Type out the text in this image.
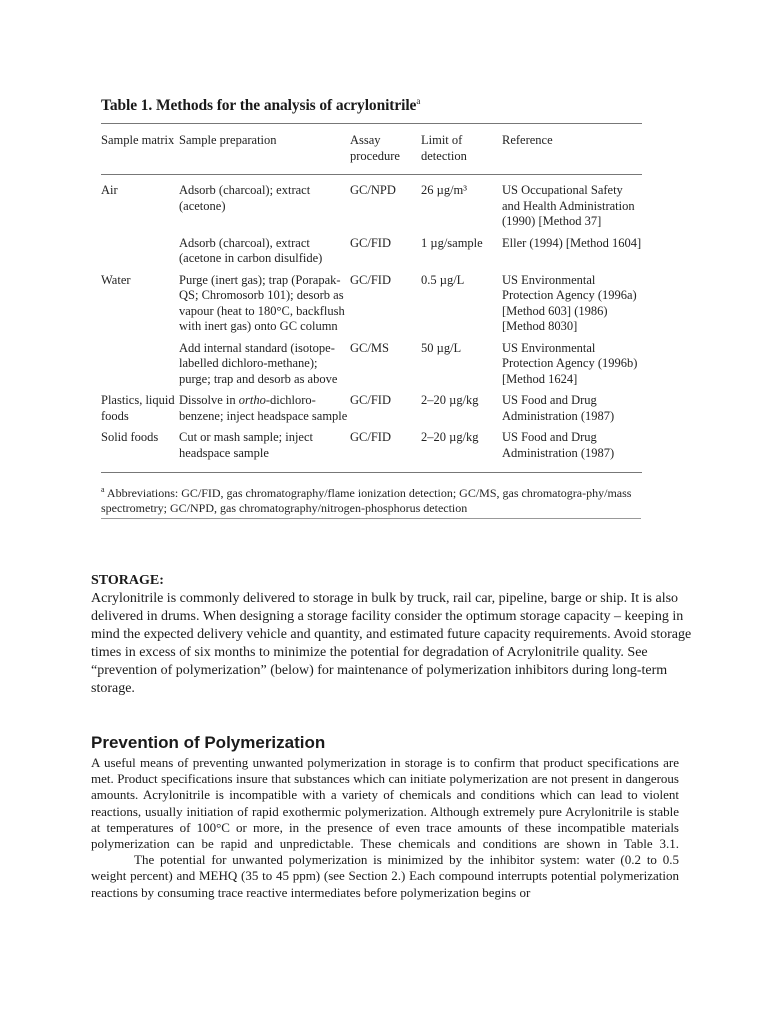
Table 1. Methods for the analysis of acrylonitrile$^a$
Sample matrix	Sample preparation	Assay procedure	Limit of detection	Reference
Air	Adsorb (charcoal); extract (acetone)	GC/NPD	26 µg/m³	US Occupational Safety and Health Administration (1990) [Method 37]
	Adsorb (charcoal), extract (acetone in carbon disulfide)	GC/FID	1 µg/sample	Eller (1994) [Method 1604]
Water	Purge (inert gas); trap (Porapak-QS; Chromosorb 101); desorb as vapour (heat to 180°C, backflush with inert gas) onto GC column	GC/FID	0.5 µg/L	US Environmental Protection Agency (1996a) [Method 603] (1986) [Method 8030]
	Add internal standard (isotope-labelled dichloro-methane); purge; trap and desorb as above	GC/MS	50 µg/L	US Environmental Protection Agency (1996b) [Method 1624]
Plastics, liquid foods	Dissolve in ortho-dichloro-benzene; inject headspace sample	GC/FID	2–20 µg/kg	US Food and Drug Administration (1987)
Solid foods	Cut or mash sample; inject headspace sample	GC/FID	2–20 µg/kg	US Food and Drug Administration (1987)
$^a$ Abbreviations: GC/FID, gas chromatography/flame ionization detection; GC/MS, gas chromatogra-phy/mass spectrometry; GC/NPD, gas chromatography/nitrogen-phosphorus detection
STORAGE:

Acrylonitrile is commonly delivered to storage in bulk by truck, rail car, pipeline, barge or ship. It is also delivered in drums. When designing a storage facility consider the optimum storage capacity – keeping in mind the expected delivery vehicle and quantity, and estimated future capacity requirements. Avoid storage times in excess of six months to minimize the potential for degradation of Acrylonitrile quality. See “prevention of polymerization” (below) for maintenance of polymerization inhibitors during long-term storage.

Prevention of Polymerization

A useful means of preventing unwanted polymerization in storage is to confirm that product specifications are met. Product specifications insure that substances which can initiate polymerization are not present in dangerous amounts. Acrylonitrile is incompatible with a variety of chemicals and conditions which can lead to violent reactions, usually initiation of rapid exothermic polymerization. Although extremely pure Acrylonitrile is stable at temperatures of 100°C or more, in the presence of even trace amounts of these incompatible materials polymerization can be rapid and unpredictable. These chemicals and conditions are shown in Table 3.1.

The potential for unwanted polymerization is minimized by the inhibitor system: water (0.2 to 0.5 weight percent) and MEHQ (35 to 45 ppm) (see Section 2.) Each compound interrupts potential polymerization reactions by consuming trace reactive intermediates before polymerization begins or
